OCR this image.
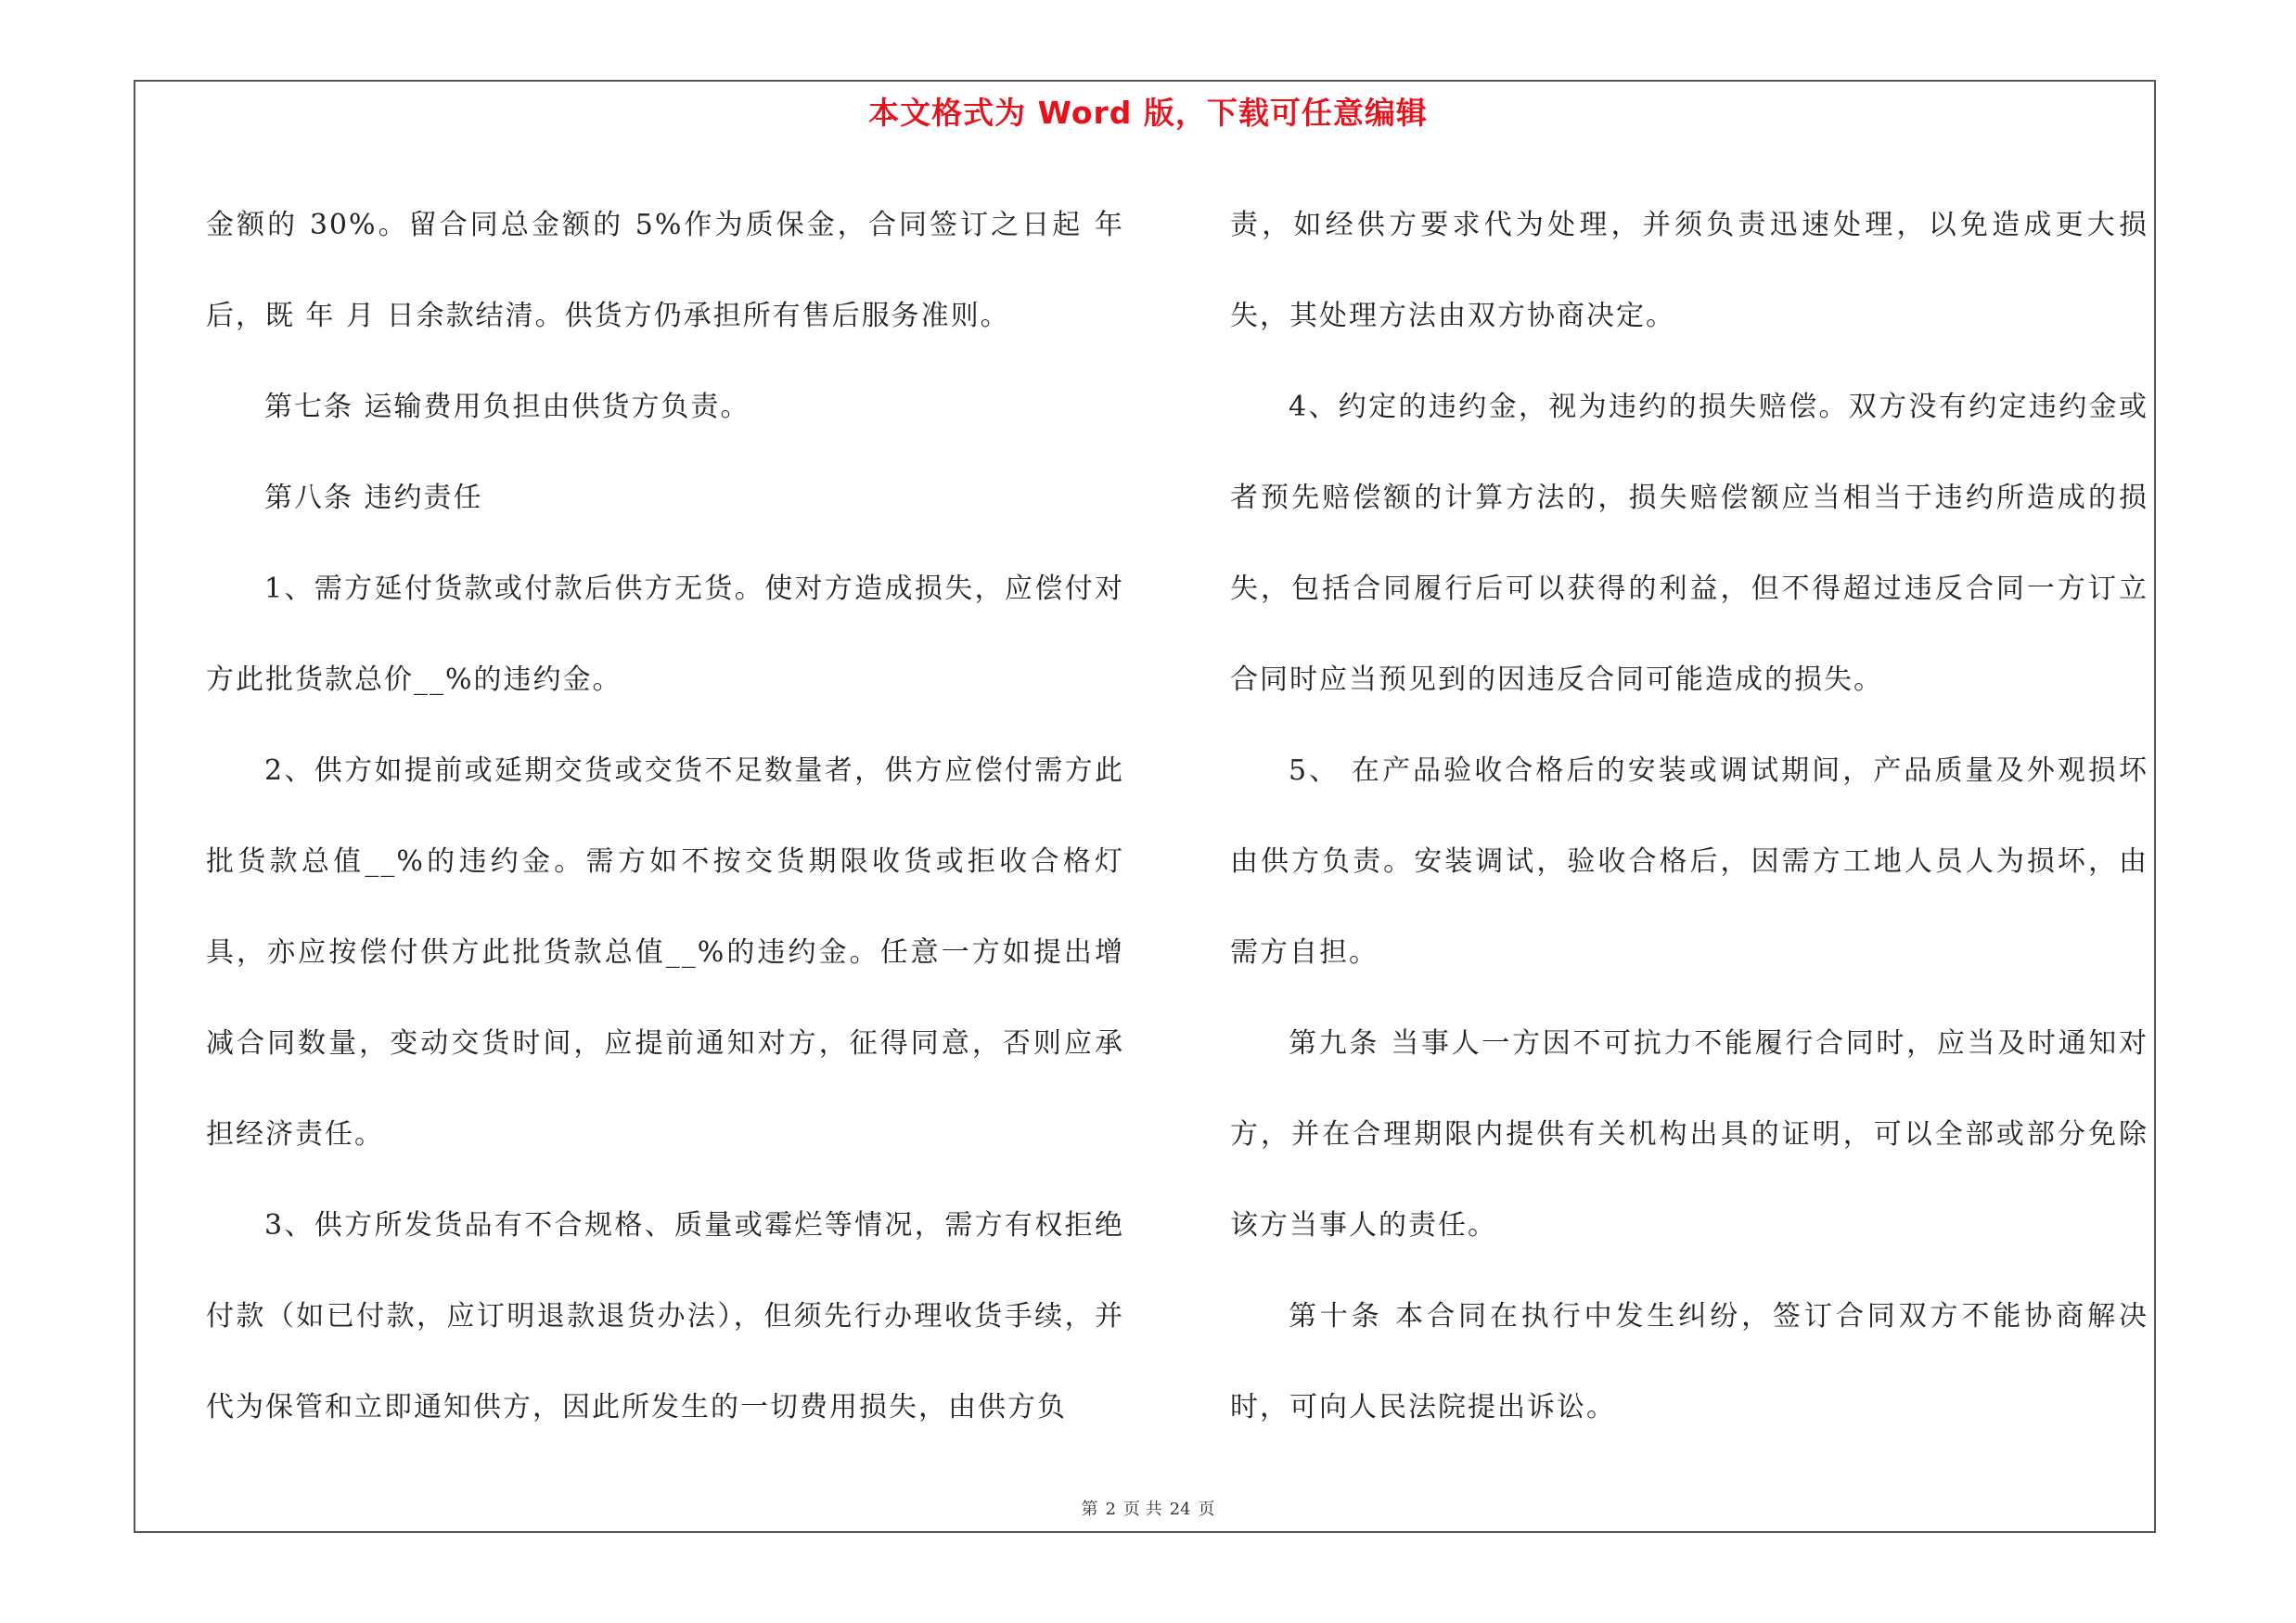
本文格式为 Word 版，下载可任意编辑

金额的 30%。留合同总金额的 5%作为质保金，合同签订之日起 年后，既 年 月 日余款结清。供货方仍承担所有售后服务准则。

第七条 运输费用负担由供货方负责。

第八条 违约责任

1、需方延付货款或付款后供方无货。使对方造成损失，应偿付对方此批货款总价__%的违约金。

2、供方如提前或延期交货或交货不足数量者，供方应偿付需方此批货款总值__%的违约金。需方如不按交货期限收货或拒收合格灯具，亦应按偿付供方此批货款总值__%的违约金。任意一方如提出增减合同数量，变动交货时间，应提前通知对方，征得同意，否则应承担经济责任。

3、供方所发货品有不合规格、质量或霉烂等情况，需方有权拒绝付款（如已付款，应订明退款退货办法），但须先行办理收货手续，并代为保管和立即通知供方，因此所发生的一切费用损失，由供方负

责，如经供方要求代为处理，并须负责迅速处理，以免造成更大损失，其处理方法由双方协商决定。

4、约定的违约金，视为违约的损失赔偿。双方没有约定违约金或者预先赔偿额的计算方法的，损失赔偿额应当相当于违约所造成的损失，包括合同履行后可以获得的利益，但不得超过违反合同一方订立合同时应当预见到的因违反合同可能造成的损失。

5、 在产品验收合格后的安装或调试期间，产品质量及外观损坏由供方负责。安装调试，验收合格后，因需方工地人员人为损坏，由需方自担。

第九条 当事人一方因不可抗力不能履行合同时，应当及时通知对方，并在合理期限内提供有关机构出具的证明，可以全部或部分免除该方当事人的责任。

第十条 本合同在执行中发生纠纷，签订合同双方不能协商解决时，可向人民法院提出诉讼。

第 2 页 共 24 页
